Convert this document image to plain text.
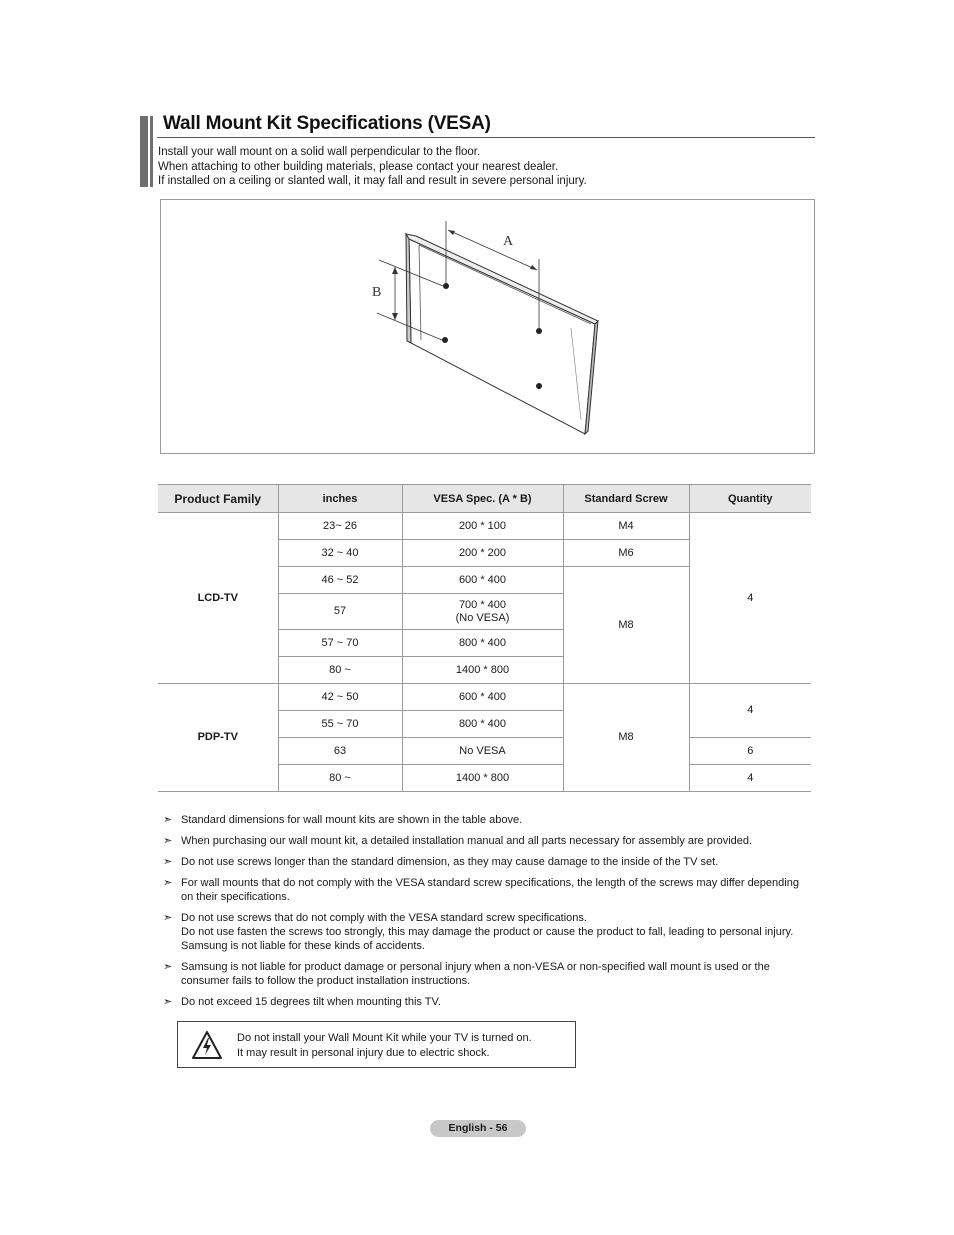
Wall Mount Kit Specifications (VESA)
Install your wall mount on a solid wall perpendicular to the floor.
When attaching to other building materials, please contact your nearest dealer.
If installed on a ceiling or slanted wall, it may fall and result in severe personal injury.
A
B
Product Family	inches	VESA Spec. (A * B)	Standard Screw	Quantity
LCD-TV	23~ 26	200 * 100	M4	4
	32 ~ 40	200 * 200	M6	
	46 ~ 52	600 * 400	M8	
	57	700 * 400
(No VESA)		

	57 ~ 70	800 * 400		
	80 ~	1400 * 800		
PDP-TV	42 ~ 50	600 * 400	M8	4
	55 ~ 70	800 * 400		
	63	No VESA		6
	80 ~	1400 * 800		4
➣ Standard dimensions for wall mount kits are shown in the table above.
➣ When purchasing our wall mount kit, a detailed installation manual and all parts necessary for assembly are provided.
➣ Do not use screws longer than the standard dimension, as they may cause damage to the inside of the TV set.
➣ For wall mounts that do not comply with the VESA standard screw specifications, the length of the screws may differ depending on their specifications.
➣ Do not use screws that do not comply with the VESA standard screw specifications.
Do not use fasten the screws too strongly, this may damage the product or cause the product to fall, leading to personal injury.
Samsung is not liable for these kinds of accidents.
➣ Samsung is not liable for product damage or personal injury when a non-VESA or non-specified wall mount is used or the consumer fails to follow the product installation instructions.
➣ Do not exceed 15 degrees tilt when mounting this TV.
Do not install your Wall Mount Kit while your TV is turned on.
It may result in personal injury due to electric shock.
English - 56
